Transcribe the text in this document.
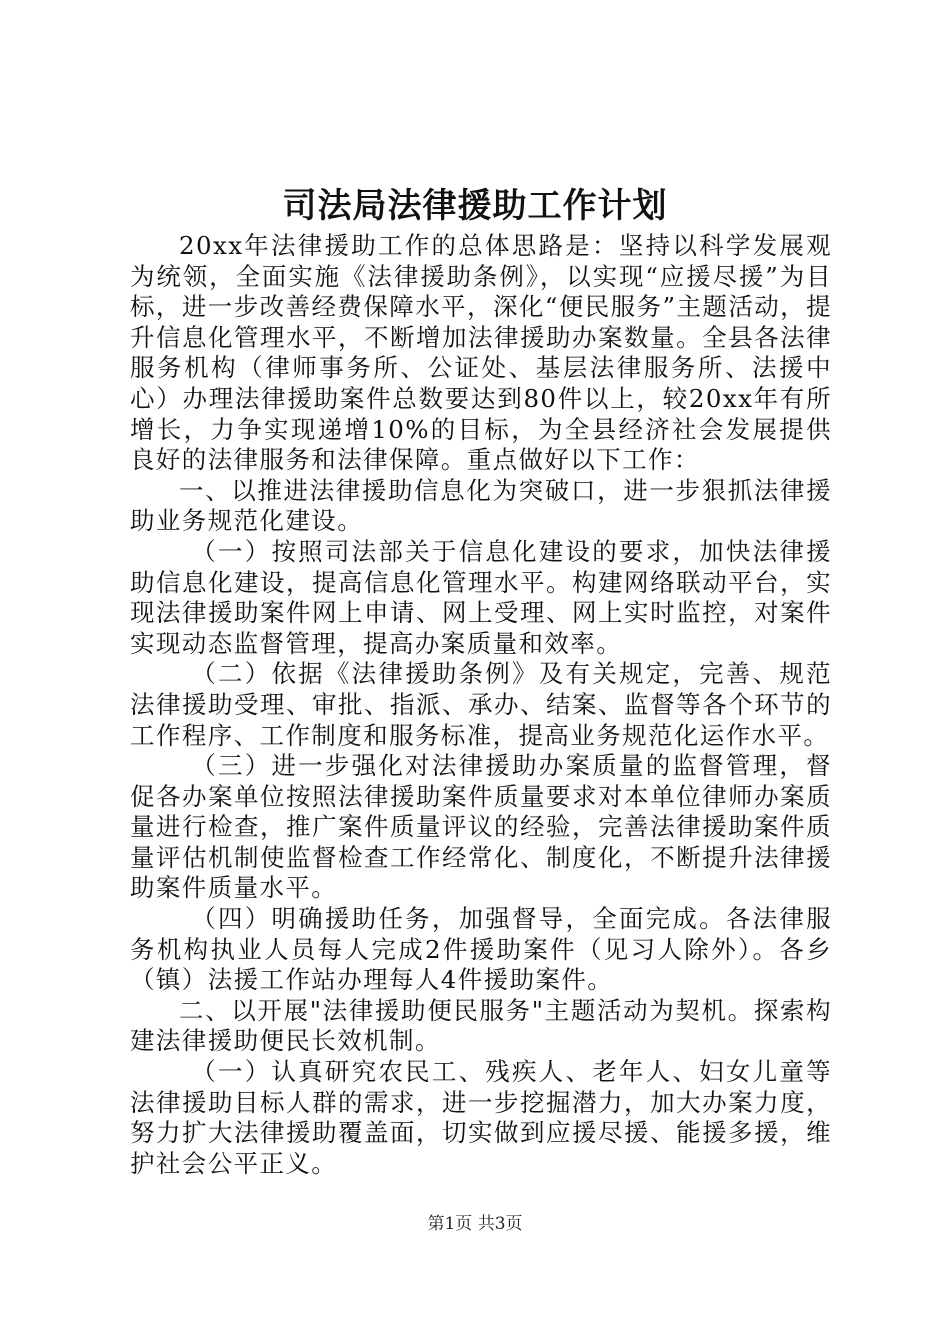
司法局法律援助工作计划

20xx年法律援助工作的总体思路是：坚持以科学发展观为统领，全面实施《法律援助条例》，以实现“应援尽援”为目标，进一步改善经费保障水平，深化“便民服务”主题活动，提升信息化管理水平，不断增加法律援助办案数量。全县各法律服务机构（律师事务所、公证处、基层法律服务所、法援中心）办理法律援助案件总数要达到80件以上，较20xx年有所增长，力争实现递增10%的目标，为全县经济社会发展提供良好的法律服务和法律保障。重点做好以下工作：

一、以推进法律援助信息化为突破口，进一步狠抓法律援助业务规范化建设。

（一）按照司法部关于信息化建设的要求，加快法律援助信息化建设，提高信息化管理水平。构建网络联动平台，实现法律援助案件网上申请、网上受理、网上实时监控，对案件实现动态监督管理，提高办案质量和效率。

（二）依据《法律援助条例》及有关规定，完善、规范法律援助受理、审批、指派、承办、结案、监督等各个环节的工作程序、工作制度和服务标准，提高业务规范化运作水平。

（三）进一步强化对法律援助办案质量的监督管理，督促各办案单位按照法律援助案件质量要求对本单位律师办案质量进行检查，推广案件质量评议的经验，完善法律援助案件质量评估机制使监督检查工作经常化、制度化，不断提升法律援助案件质量水平。

（四）明确援助任务，加强督导，全面完成。各法律服务机构执业人员每人完成2件援助案件（见习人除外）。各乡（镇）法援工作站办理每人4件援助案件。

二、以开展"法律援助便民服务"主题活动为契机。探索构建法律援助便民长效机制。

（一）认真研究农民工、残疾人、老年人、妇女儿童等法律援助目标人群的需求，进一步挖掘潜力，加大办案力度，努力扩大法律援助覆盖面，切实做到应援尽援、能援多援，维护社会公平正义。

第1页 共3页
